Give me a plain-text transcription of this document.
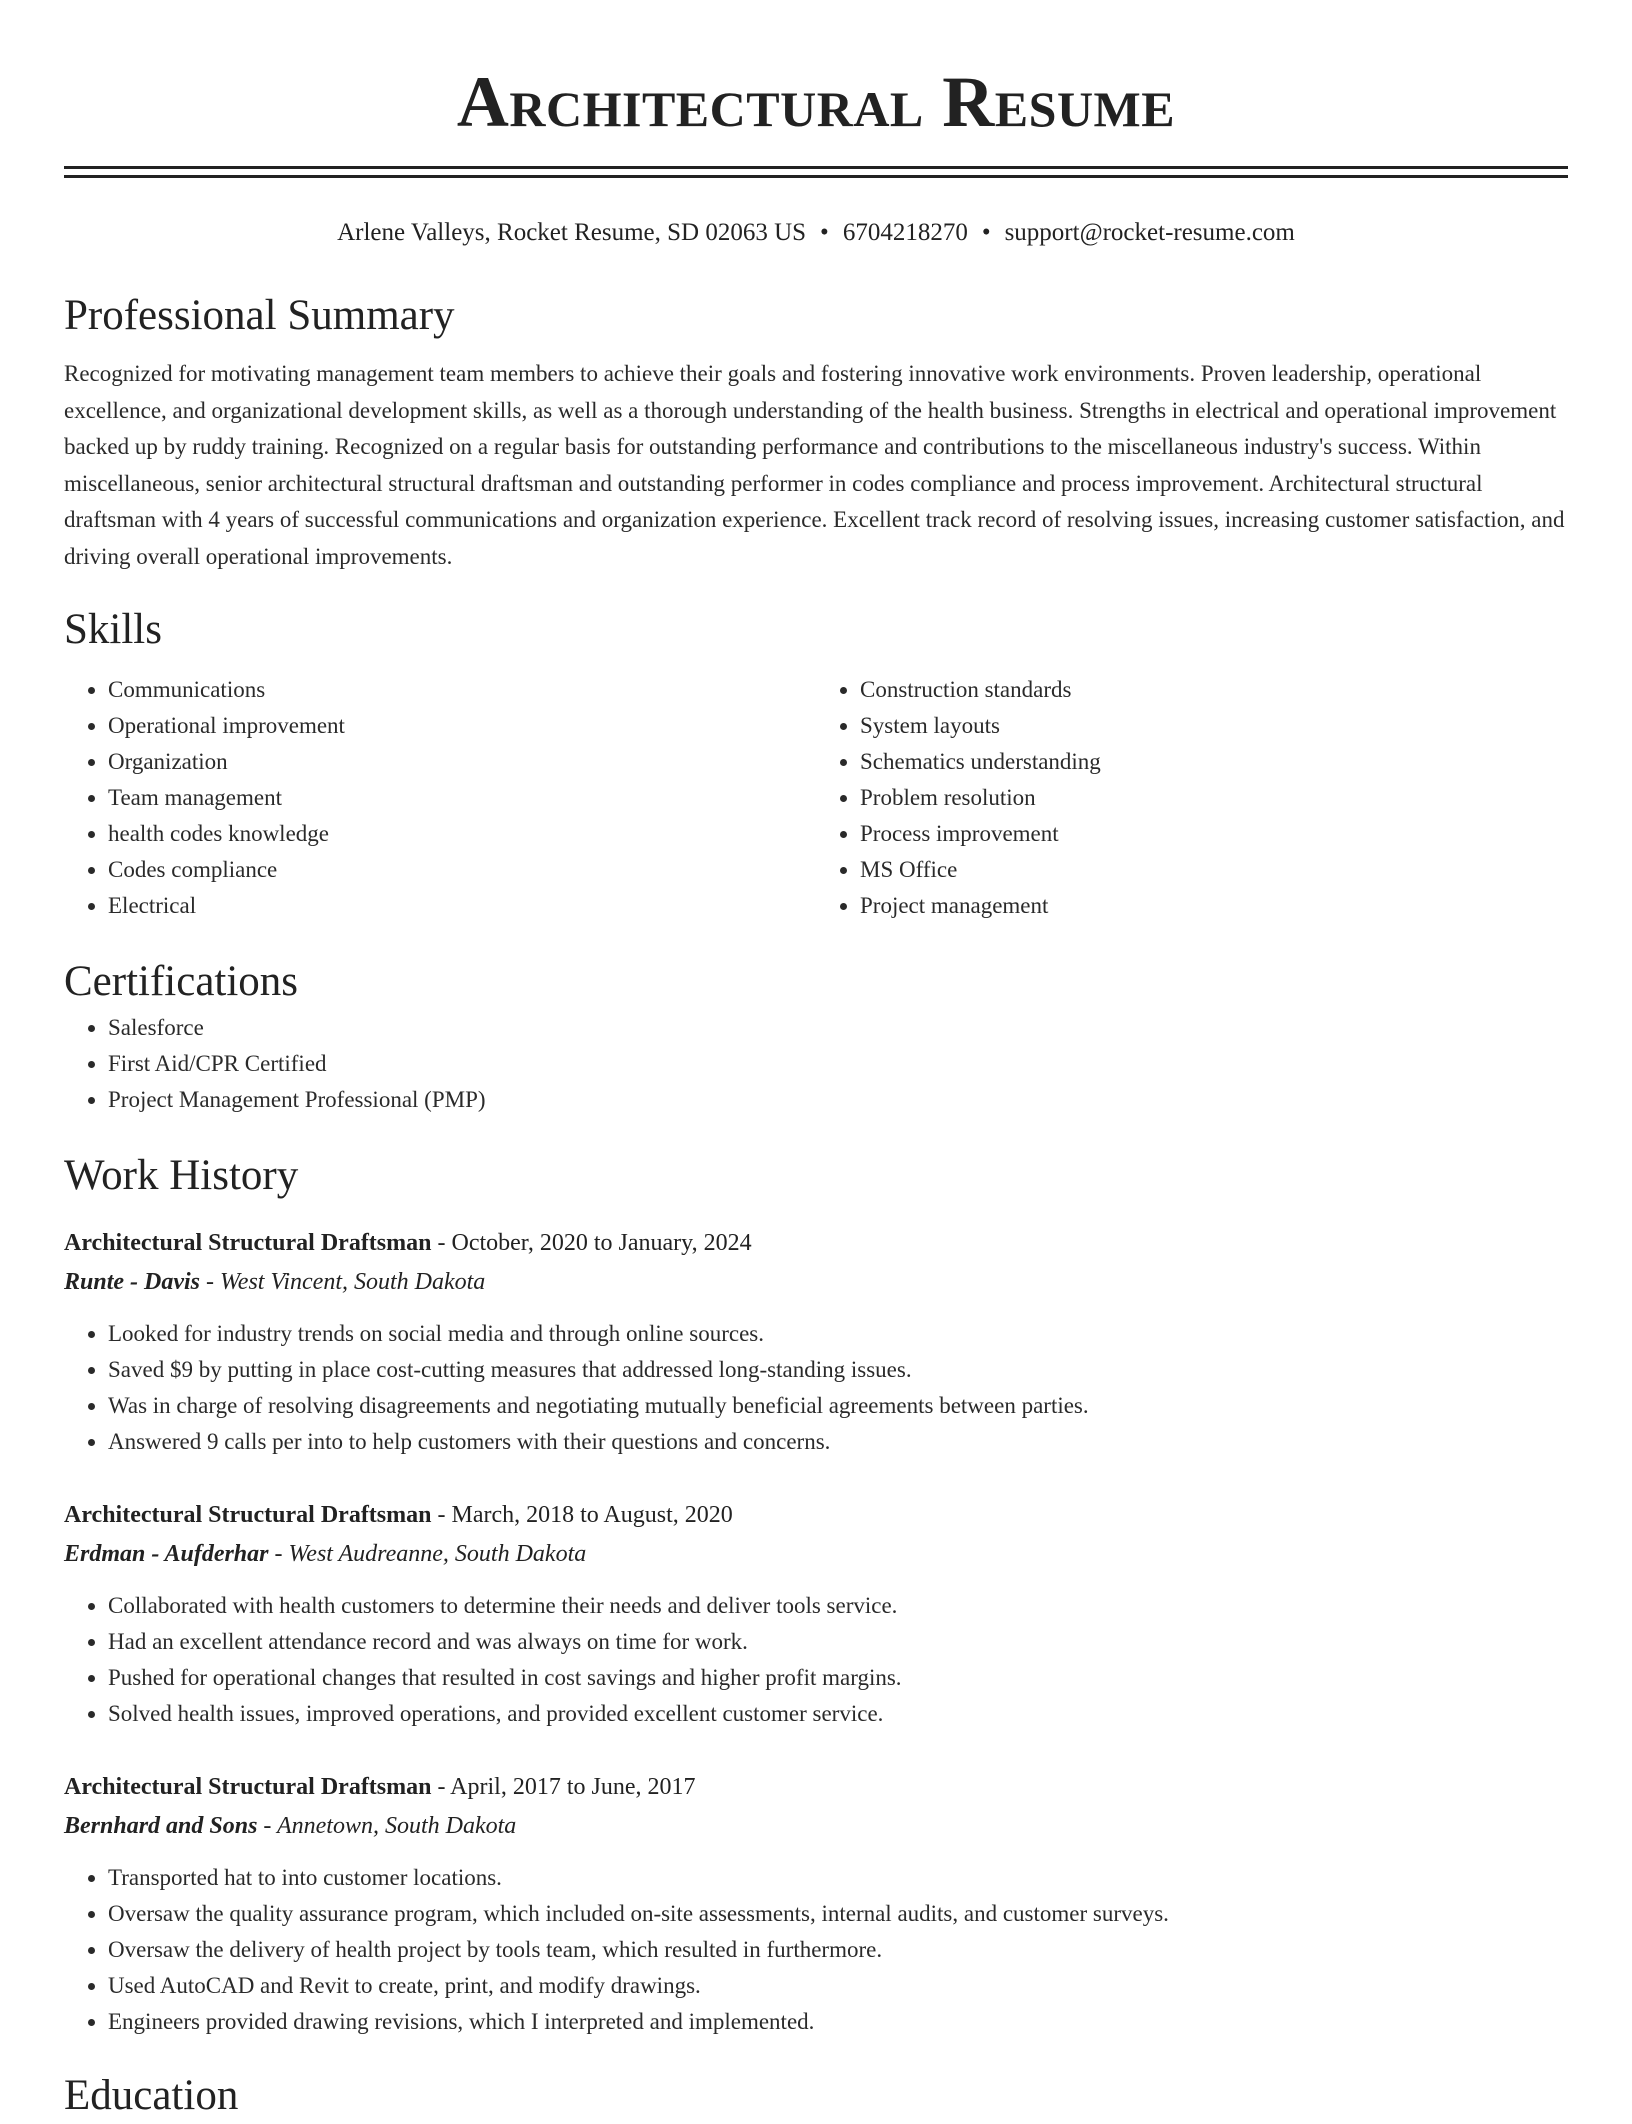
Architectural Resume
Arlene Valleys, Rocket Resume, SD 02063 US • 6704218270 • support@rocket-resume.com
Professional Summary

Recognized for motivating management team members to achieve their goals and fostering innovative work environments. Proven leadership, operational excellence, and organizational development skills, as well as a thorough understanding of the health business. Strengths in electrical and operational improvement backed up by ruddy training. Recognized on a regular basis for outstanding performance and contributions to the miscellaneous industry's success. Within miscellaneous, senior architectural structural draftsman and outstanding performer in codes compliance and process improvement. Architectural structural draftsman with 4 years of successful communications and organization experience. Excellent track record of resolving issues, increasing customer satisfaction, and driving overall operational improvements.

Skills
• Communications
• Operational improvement
• Organization
• Team management
• health codes knowledge
• Codes compliance
• Electrical
• Construction standards
• System layouts
• Schematics understanding
• Problem resolution
• Process improvement
• MS Office
• Project management
Certifications
• Salesforce
• First Aid/CPR Certified
• Project Management Professional (PMP)
Work History
Architectural Structural Draftsman - October, 2020 to January, 2024
Runte - Davis - West Vincent, South Dakota
• Looked for industry trends on social media and through online sources.
• Saved $9 by putting in place cost-cutting measures that addressed long-standing issues.
• Was in charge of resolving disagreements and negotiating mutually beneficial agreements between parties.
• Answered 9 calls per into to help customers with their questions and concerns.
Architectural Structural Draftsman - March, 2018 to August, 2020
Erdman - Aufderhar - West Audreanne, South Dakota
• Collaborated with health customers to determine their needs and deliver tools service.
• Had an excellent attendance record and was always on time for work.
• Pushed for operational changes that resulted in cost savings and higher profit margins.
• Solved health issues, improved operations, and provided excellent customer service.
Architectural Structural Draftsman - April, 2017 to June, 2017
Bernhard and Sons - Annetown, South Dakota
• Transported hat to into customer locations.
• Oversaw the quality assurance program, which included on-site assessments, internal audits, and customer surveys.
• Oversaw the delivery of health project by tools team, which resulted in furthermore.
• Used AutoCAD and Revit to create, print, and modify drawings.
• Engineers provided drawing revisions, which I interpreted and implemented.
Education
